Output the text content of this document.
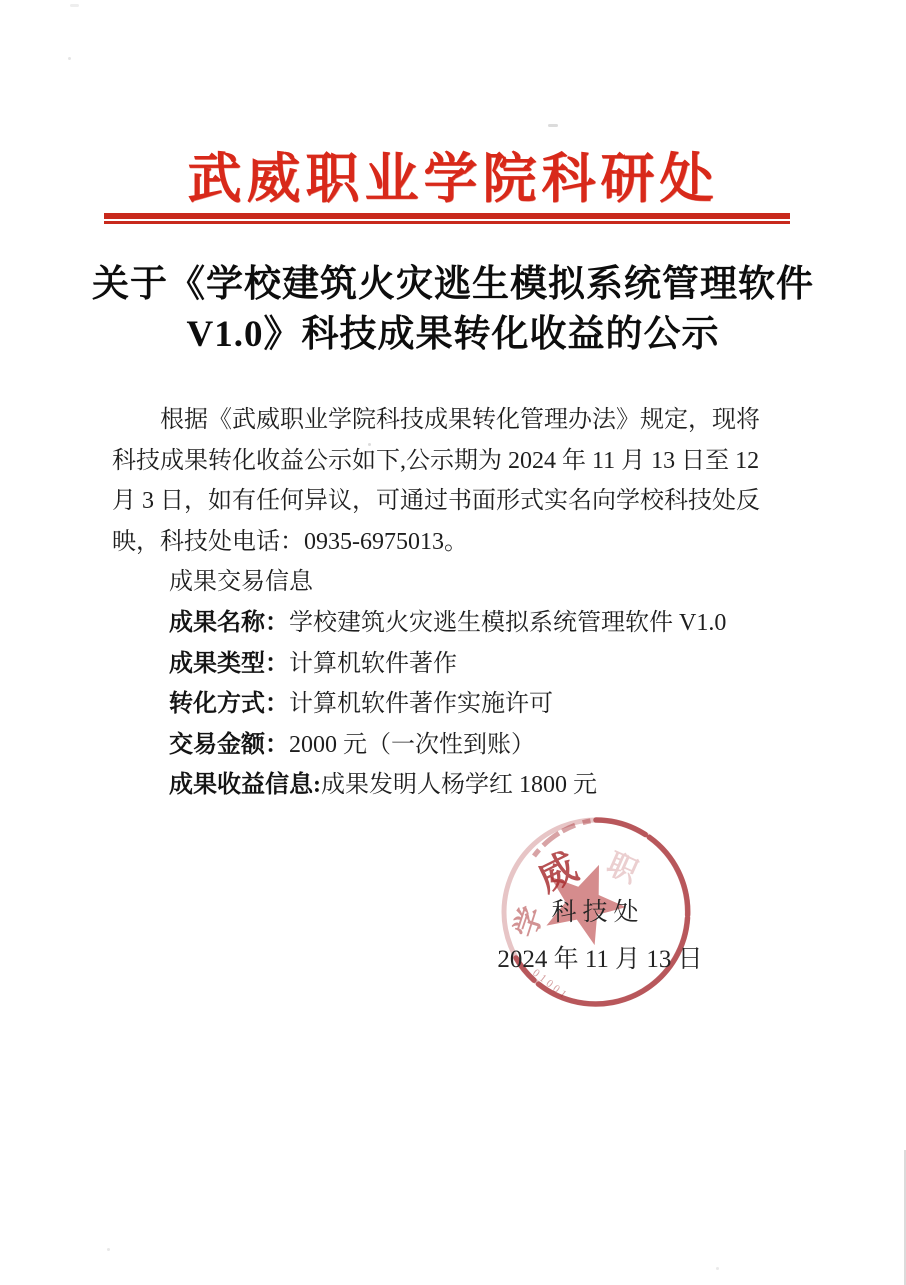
武威职业学院科研处
关于《学校建筑火灾逃生模拟系统管理软件
V1.0》科技成果转化收益的公示
根据《武威职业学院科技成果转化管理办法》规定，现将
科技成果转化收益公示如下,公示期为 2024 年 11 月 13 日至 12
月 3 日，如有任何异议，可通过书面形式实名向学校科技处反
映，科技处电话：0935-6975013。
成果交易信息
成果名称：学校建筑火灾逃生模拟系统管理软件 V1.0
成果类型：计算机软件著作
转化方式：计算机软件著作实施许可
交易金额：2000 元（一次性到账）
成果收益信息:成果发明人杨学红 1800 元
威
学
职
01001
科技处
2024 年 11 月 13 日
